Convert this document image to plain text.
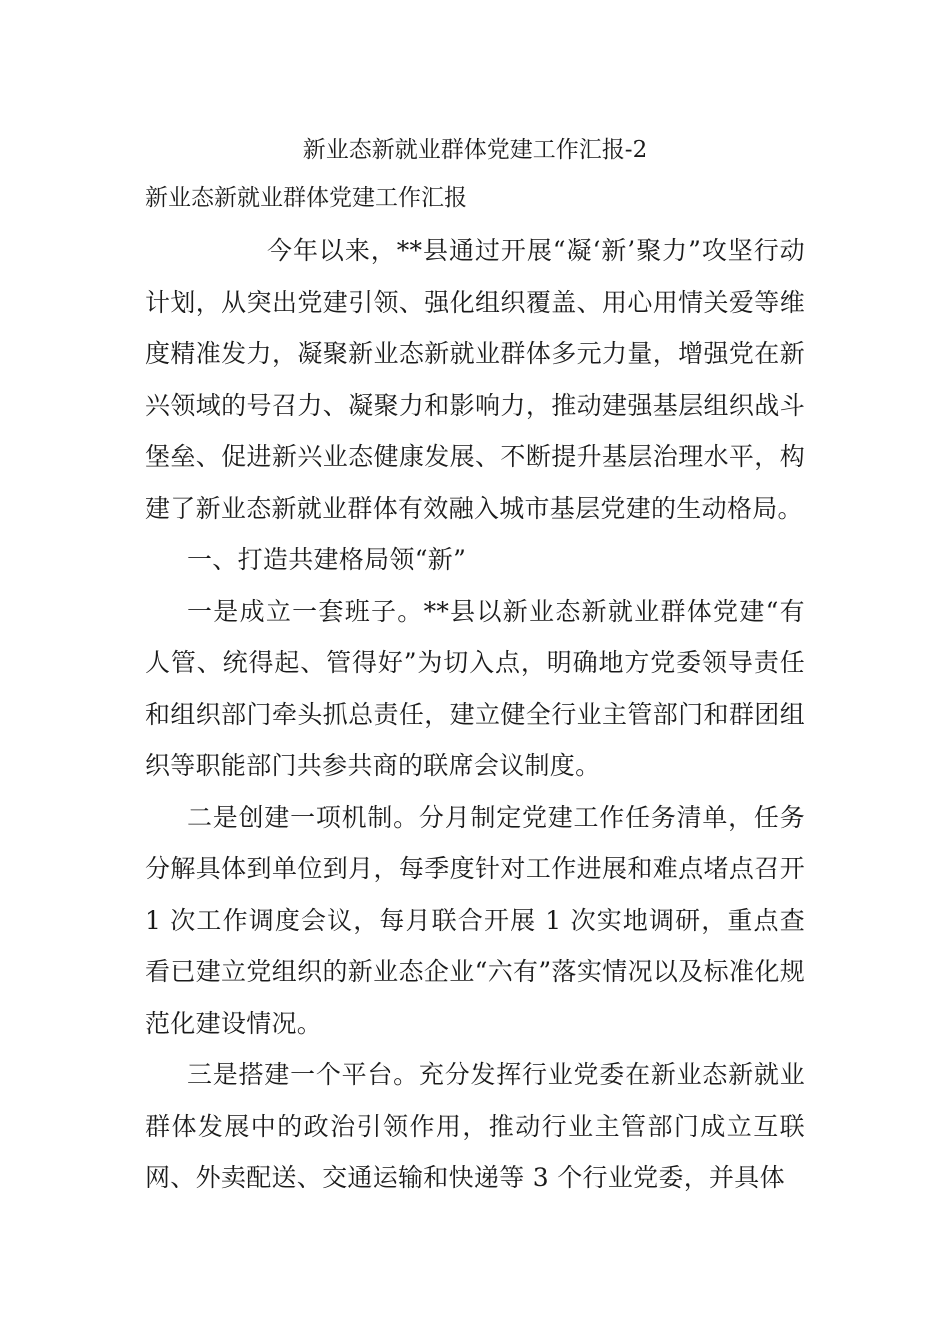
新业态新就业群体党建工作汇报-2
新业态新就业群体党建工作汇报

今年以来，**县通过开展“凝‘新’聚力”攻坚行动计划，从突出党建引领、强化组织覆盖、用心用情关爱等维度精准发力，凝聚新业态新就业群体多元力量，增强党在新兴领域的号召力、凝聚力和影响力，推动建强基层组织战斗堡垒、促进新兴业态健康发展、不断提升基层治理水平，构建了新业态新就业群体有效融入城市基层党建的生动格局。

一、打造共建格局领“新”

一是成立一套班子。**县以新业态新就业群体党建“有人管、统得起、管得好”为切入点，明确地方党委领导责任和组织部门牵头抓总责任，建立健全行业主管部门和群团组织等职能部门共参共商的联席会议制度。

二是创建一项机制。分月制定党建工作任务清单，任务分解具体到单位到月，每季度针对工作进展和难点堵点召开 1 次工作调度会议，每月联合开展 1 次实地调研，重点查看已建立党组织的新业态企业“六有”落实情况以及标准化规范化建设情况。

三是搭建一个平台。充分发挥行业党委在新业态新就业群体发展中的政治引领作用，推动行业主管部门成立互联网、外卖配送、交通运输和快递等 3 个行业党委，并具体
